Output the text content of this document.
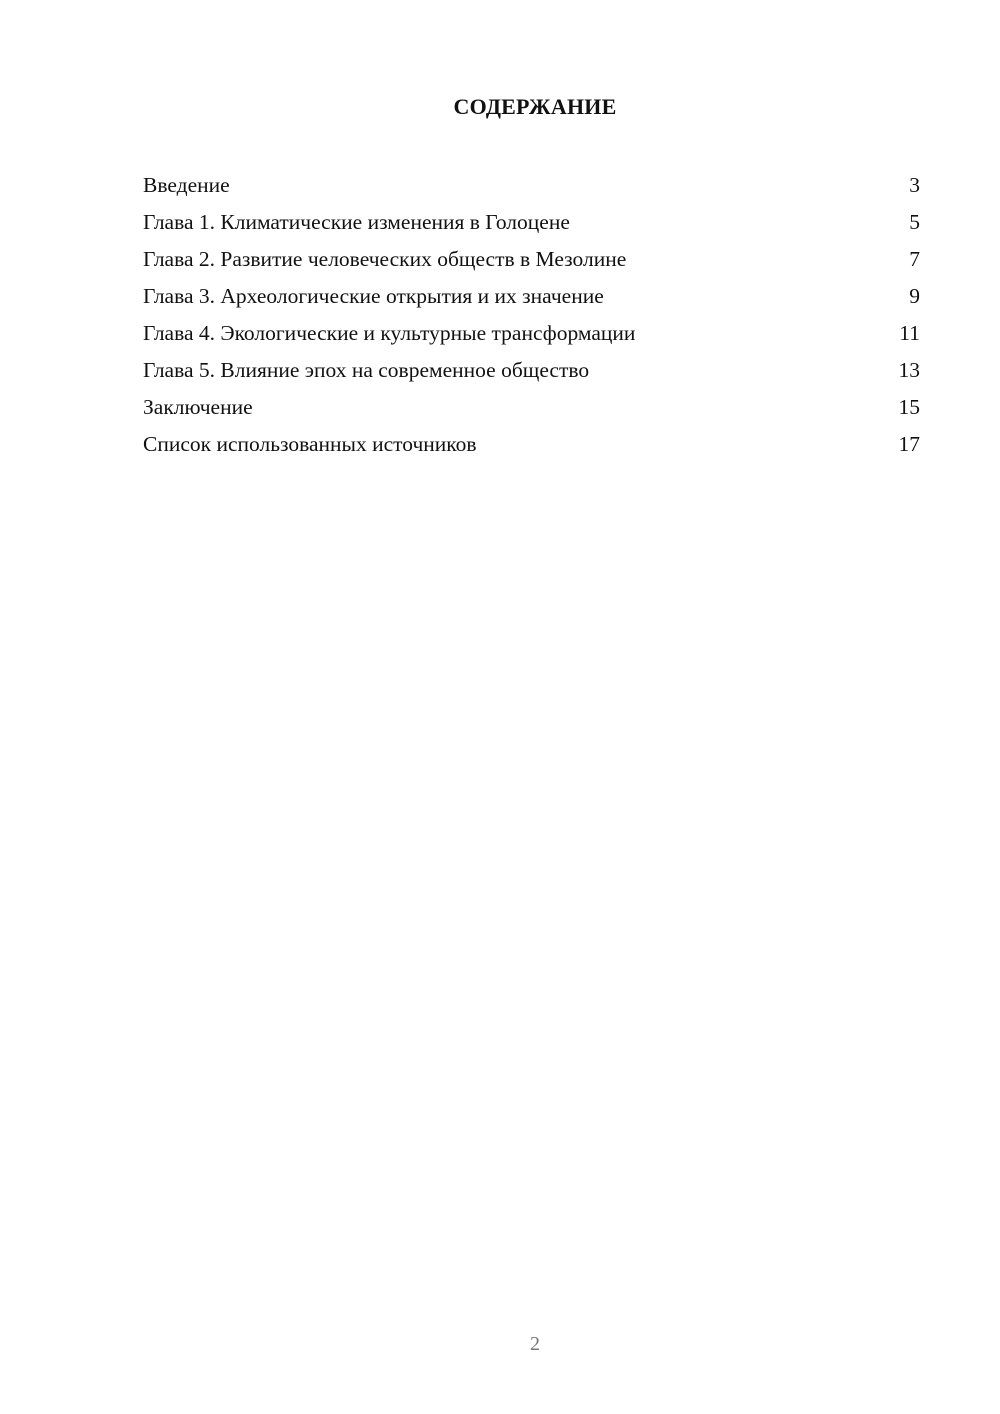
СОДЕРЖАНИЕ
Введение	3
Глава 1. Климатические изменения в Голоцене	5
Глава 2. Развитие человеческих обществ в Мезолине	7
Глава 3. Археологические открытия и их значение	9
Глава 4. Экологические и культурные трансформации	11
Глава 5. Влияние эпох на современное общество	13
Заключение	15
Список использованных источников	17
2
